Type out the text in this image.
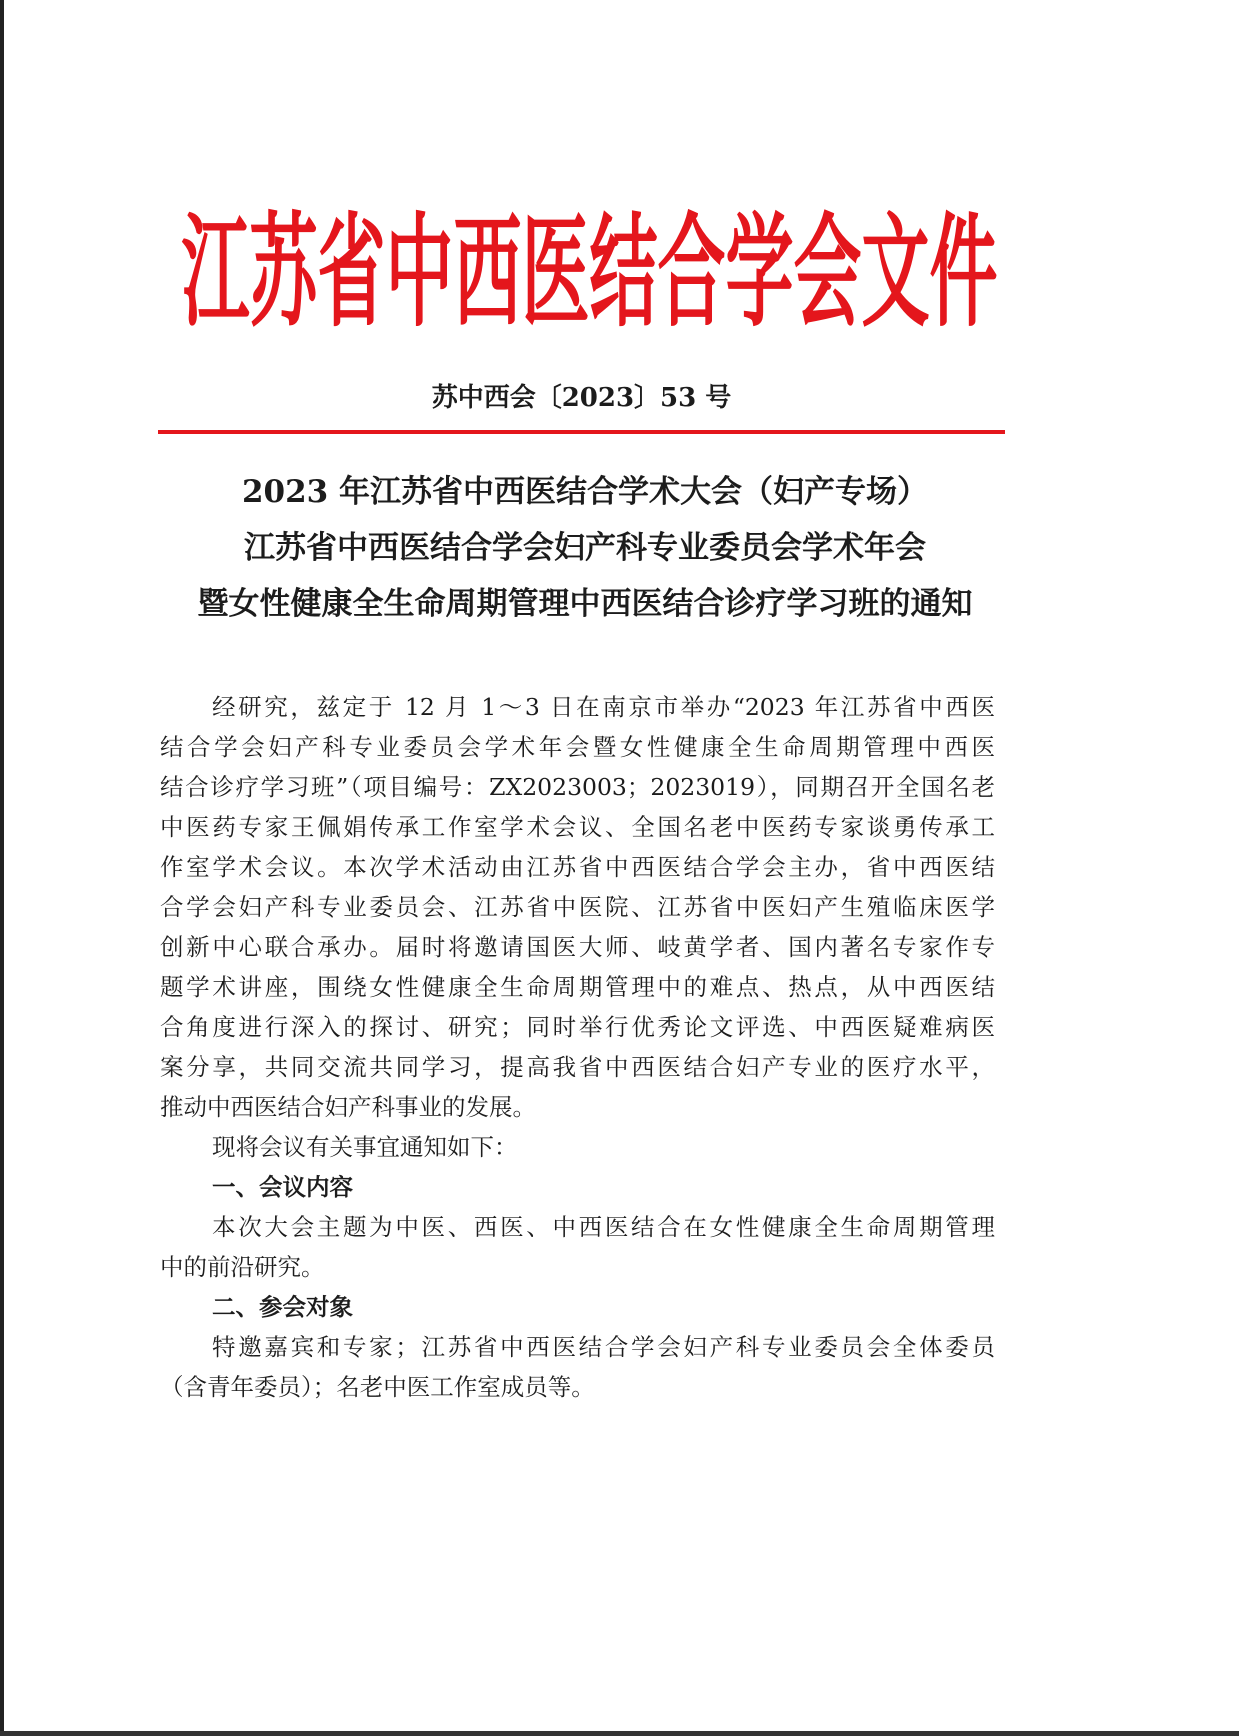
江苏省中西医结合学会文件
苏中西会〔2023〕53 号
2023 年江苏省中西医结合学术大会（妇产专场）
江苏省中西医结合学会妇产科专业委员会学术年会
暨女性健康全生命周期管理中西医结合诊疗学习班的通知
经研究，兹定于 12 月 1～3 日在南京市举办“2023 年江苏省中西医
结合学会妇产科专业委员会学术年会暨女性健康全生命周期管理中西医
结合诊疗学习班”（项目编号：ZX2023003；2023019），同期召开全国名老
中医药专家王佩娟传承工作室学术会议、全国名老中医药专家谈勇传承工
作室学术会议。本次学术活动由江苏省中西医结合学会主办，省中西医结
合学会妇产科专业委员会、江苏省中医院、江苏省中医妇产生殖临床医学
创新中心联合承办。届时将邀请国医大师、岐黄学者、国内著名专家作专
题学术讲座，围绕女性健康全生命周期管理中的难点、热点，从中西医结
合角度进行深入的探讨、研究；同时举行优秀论文评选、中西医疑难病医
案分享，共同交流共同学习，提高我省中西医结合妇产专业的医疗水平，
推动中西医结合妇产科事业的发展。
现将会议有关事宜通知如下：
一、会议内容
本次大会主题为中医、西医、中西医结合在女性健康全生命周期管理
中的前沿研究。
二、参会对象
特邀嘉宾和专家；江苏省中西医结合学会妇产科专业委员会全体委员
（含青年委员）；名老中医工作室成员等。
